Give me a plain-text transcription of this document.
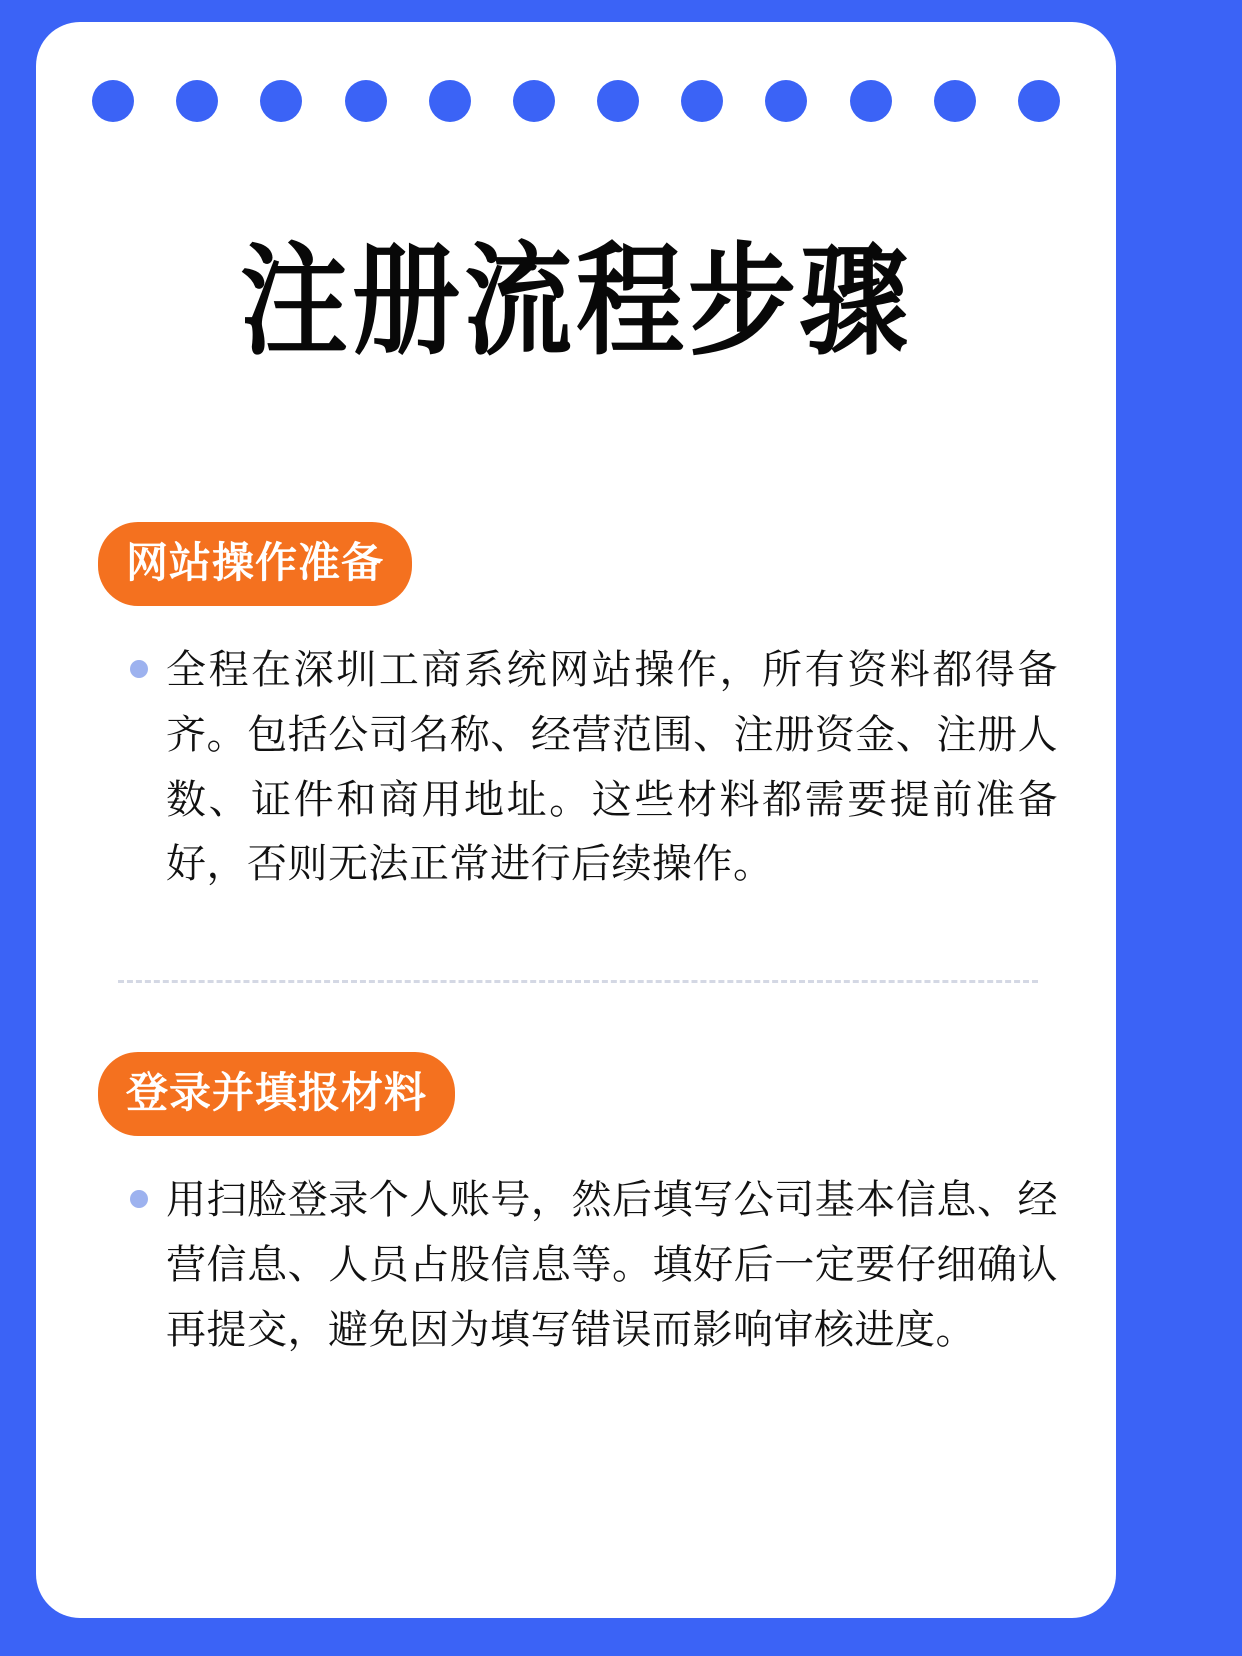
注册流程步骤
网站操作准备
全程在深圳工商系统网站操作，所有资料都得备齐。包括公司名称、经营范围、注册资金、注册人数、证件和商用地址。这些材料都需要提前准备好，否则无法正常进行后续操作。
登录并填报材料
用扫脸登录个人账号，然后填写公司基本信息、经营信息、人员占股信息等。填好后一定要仔细确认再提交，避免因为填写错误而影响审核进度。
